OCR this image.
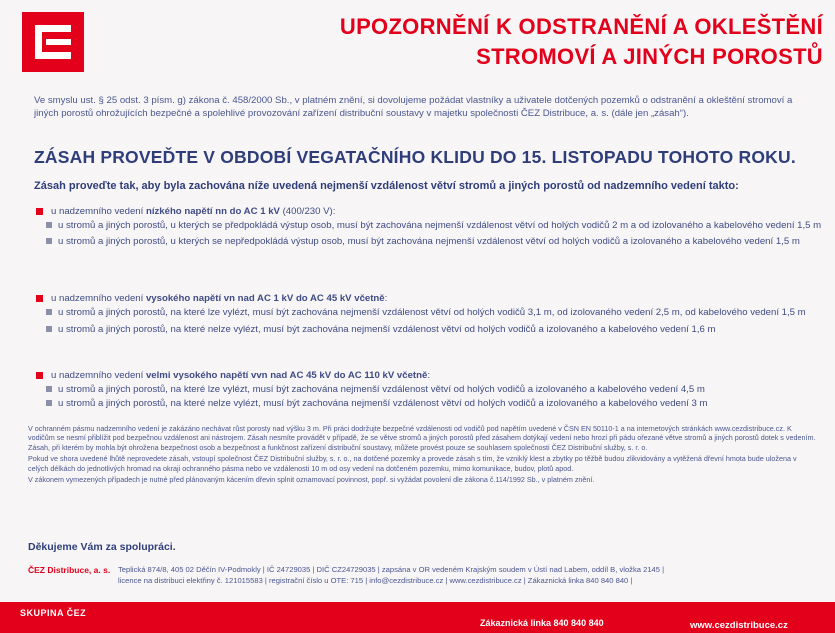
UPOZORNĚNÍ K ODSTRANĚNÍ A OKLEŠTĚNÍ
STROMOVÍ A JINÝCH POROSTŮ
Ve smyslu ust. § 25 odst. 3 písm. g) zákona č. 458/2000 Sb., v platném znění, si dovolujeme požádat vlastníky a uživatele dotčených pozemků o odstranění a okleštění stromoví a jiných porostů ohrožujících bezpečné a spolehlivé provozování zařízení distribuční soustavy v majetku společnosti ČEZ Distribuce, a. s. (dále jen „zásah“).
ZÁSAH PROVEĎTE V OBDOBÍ VEGATAČNÍHO KLIDU DO 15. LISTOPADU TOHOTO ROKU.
Zásah proveďte tak, aby byla zachována níže uvedená nejmenší vzdálenost větví stromů a jiných porostů od nadzemního vedení takto:
u nadzemního vedení nízkého napětí nn do AC 1 kV (400/230 V):
u stromů a jiných porostů, u kterých se předpokládá výstup osob, musí být zachována nejmenší vzdálenost větví od holých vodičů 2 m a od izolovaného a kabelového vedení 1,5 m
u stromů a jiných porostů, u kterých se nepředpokládá výstup osob, musí být zachována nejmenší vzdálenost větví od holých vodičů a izolovaného a kabelového vedení 1,5 m
u nadzemního vedení vysokého napětí vn nad AC 1 kV do AC 45 kV včetně:
u stromů a jiných porostů, na které lze vylézt, musí být zachována nejmenší vzdálenost větví od holých vodičů 3,1 m, od izolovaného vedení 2,5 m, od kabelového vedení 1,5 m
u stromů a jiných porostů, na které nelze vylézt, musí být zachována nejmenší vzdálenost větví od holých vodičů a izolovaného a kabelového vedení 1,6 m
u nadzemního vedení velmi vysokého napětí vvn nad AC 45 kV do AC 110 kV včetně:
u stromů a jiných porostů, na které lze vylézt, musí být zachována nejmenší vzdálenost větví od holých vodičů a izolovaného a kabelového vedení 4,5 m
u stromů a jiných porostů, na které nelze vylézt, musí být zachována nejmenší vzdálenost větví od holých vodičů a izolovaného a kabelového vedení 3 m

V ochranném pásmu nadzemního vedení je zakázáno nechávat růst porosty nad výšku 3 m. Při práci dodržujte bezpečné vzdálenosti od vodičů pod napětím uvedené v ČSN EN 50110-1 a na internetových stránkách www.cezdistribuce.cz. K vodičům se nesmí přiblížit pod bezpečnou vzdálenost ani nástrojem. Zásah nesmíte provádět v případě, že se větve stromů a jiných porostů před zásahem dotýkají vedení nebo hrozí při pádu ořezané větve stromů a jiných porostů dotek s vedením. Zásah, při kterém by mohla být ohrožena bezpečnost osob a bezpečnost a funkčnost zařízení distribuční soustavy, můžete provést pouze se souhlasem společnosti ČEZ Distribuční služby, s. r. o.

Pokud ve shora uvedené lhůtě neprovedete zásah, vstoupí společnost ČEZ Distribuční služby, s. r. o., na dotčené pozemky a provede zásah s tím, že vzniklý klest a zbytky po těžbě budou zlikvidovány a vytěžená dřevní hmota bude uložena v celých délkách do jednotlivých hromad na okraji ochranného pásma nebo ve vzdálenosti 10 m od osy vedení na dotčeném pozemku, mimo komunikace, budov, plotů apod.

V zákonem vymezených případech je nutné před plánovaným kácením dřevin splnit oznamovací povinnost, popř. si vyžádat povolení dle zákona č.114/1992 Sb., v platném znění.

Děkujeme Vám za spolupráci.
ČEZ Distribuce, a. s. Teplická 874/8, 405 02 Děčín IV-Podmokly | IČ 24729035 | DIČ CZ24729035 | zapsána v OR vedeném Krajským soudem v Ústí nad Labem, oddíl B, vložka 2145 |
licence na distribuci elektřiny č. 121015583 | registrační číslo u OTE: 715 | info@cezdistribuce.cz | www.cezdistribuce.cz | Zákaznická linka 840 840 840 |
SKUPINA ČEZ
Zákaznická linka 840 840 840	www.cezdistribuce.cz
